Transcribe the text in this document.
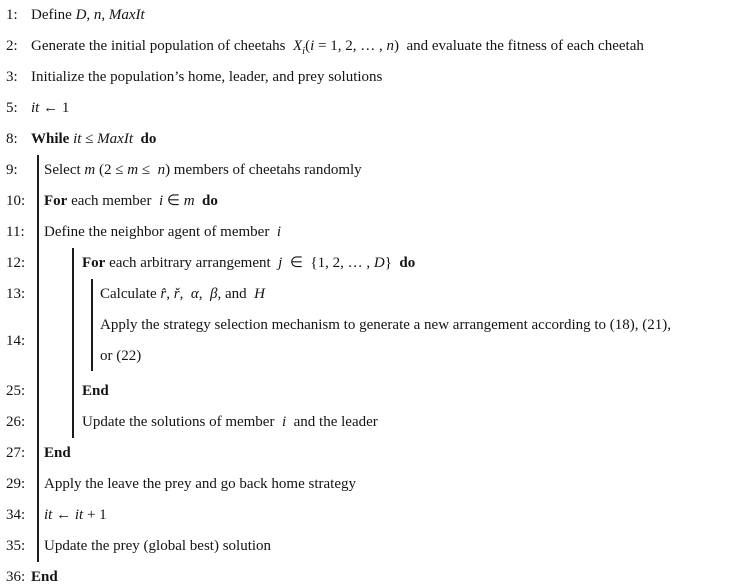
1: Define D, n, MaxIt
2: Generate the initial population of cheetahs  $X_i(i = 1$, 2, … , n)  and evaluate the fitness of each cheetah
3: Initialize the population’s home, leader, and prey solutions
5: it ← 1
8: While it ≤ MaxIt do
9: Select m (2 ≤ m ≤  n) members of cheetahs randomly
10: For each member  i ∈ m do
11: Define the neighbor agent of member  i
12:	For each arbitrary arrangement  j  ∈  {1, 2, … , D}  do
13:	Calculate r̂, ř,  α,  β, and  H
14:
Apply the strategy selection mechanism to generate a new arrangement according to (18), (21),
or (22)
25:	End
26:	Update the solutions of member  i  and the leader
27: End
29: Apply the leave the prey and go back home strategy
34: it ← it + 1
35: Update the prey (global best) solution
36: End
